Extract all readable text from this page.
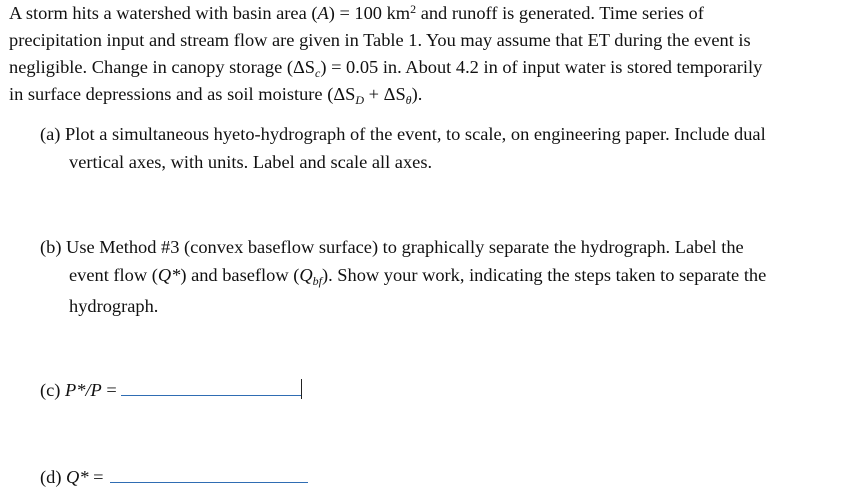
A storm hits a watershed with basin area (A) = 100 $km^2$ and runoff is generated. Time series of
precipitation input and stream flow are given in Table 1. You may assume that ET during the event is
negligible. Change in canopy storage $(\Delta S_c) = 0.05$ in. About 4.2 in of input water is stored temporarily
in surface depressions and as soil moisture $(\Delta S_D + \Delta S_\theta)$.
(a) Plot a simultaneous hyeto-hydrograph of the event, to scale, on engineering paper. Include dual
vertical axes, with units. Label and scale all axes.
(b) Use Method #3 (convex baseflow surface) to graphically separate the hydrograph. Label the
event flow (Q*) and baseflow $(Q_{bf})$. Show your work, indicating the steps taken to separate the
hydrograph.
(c) P*/P =
(d) Q* =
